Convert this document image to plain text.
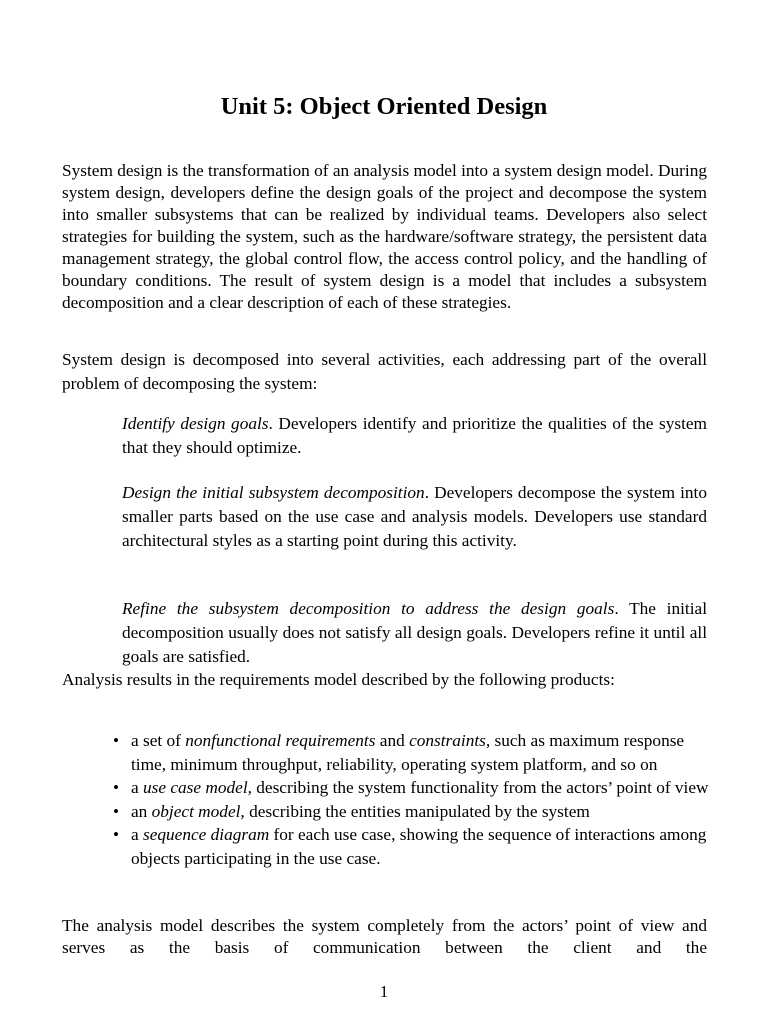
Unit 5: Object Oriented Design

System design is the transformation of an analysis model into a system design model. During system design, developers define the design goals of the project and decompose the system into smaller subsystems that can be realized by individual teams. Developers also select strategies for building the system, such as the hardware/software strategy, the persistent data management strategy, the global control flow, the access control policy, and the handling of boundary conditions. The result of system design is a model that includes a subsystem decomposition and a clear description of each of these strategies.

System design is decomposed into several activities, each addressing part of the overall problem of decomposing the system:

Identify design goals. Developers identify and prioritize the qualities of the system that they should optimize.

Design the initial subsystem decomposition. Developers decompose the system into smaller parts based on the use case and analysis models. Developers use standard architectural styles as a starting point during this activity.

Refine the subsystem decomposition to address the design goals. The initial decomposition usually does not satisfy all design goals. Developers refine it until all goals are satisfied.

Analysis results in the requirements model described by the following products:

• a set of nonfunctional requirements and constraints, such as maximum response time, minimum throughput, reliability, operating system platform, and so on
• a use case model, describing the system functionality from the actors’ point of view
• an object model, describing the entities manipulated by the system
• a sequence diagram for each use case, showing the sequence of interactions among objects participating in the use case.

The analysis model describes the system completely from the actors’ point of view and serves as the basis of communication between the client and the

1
